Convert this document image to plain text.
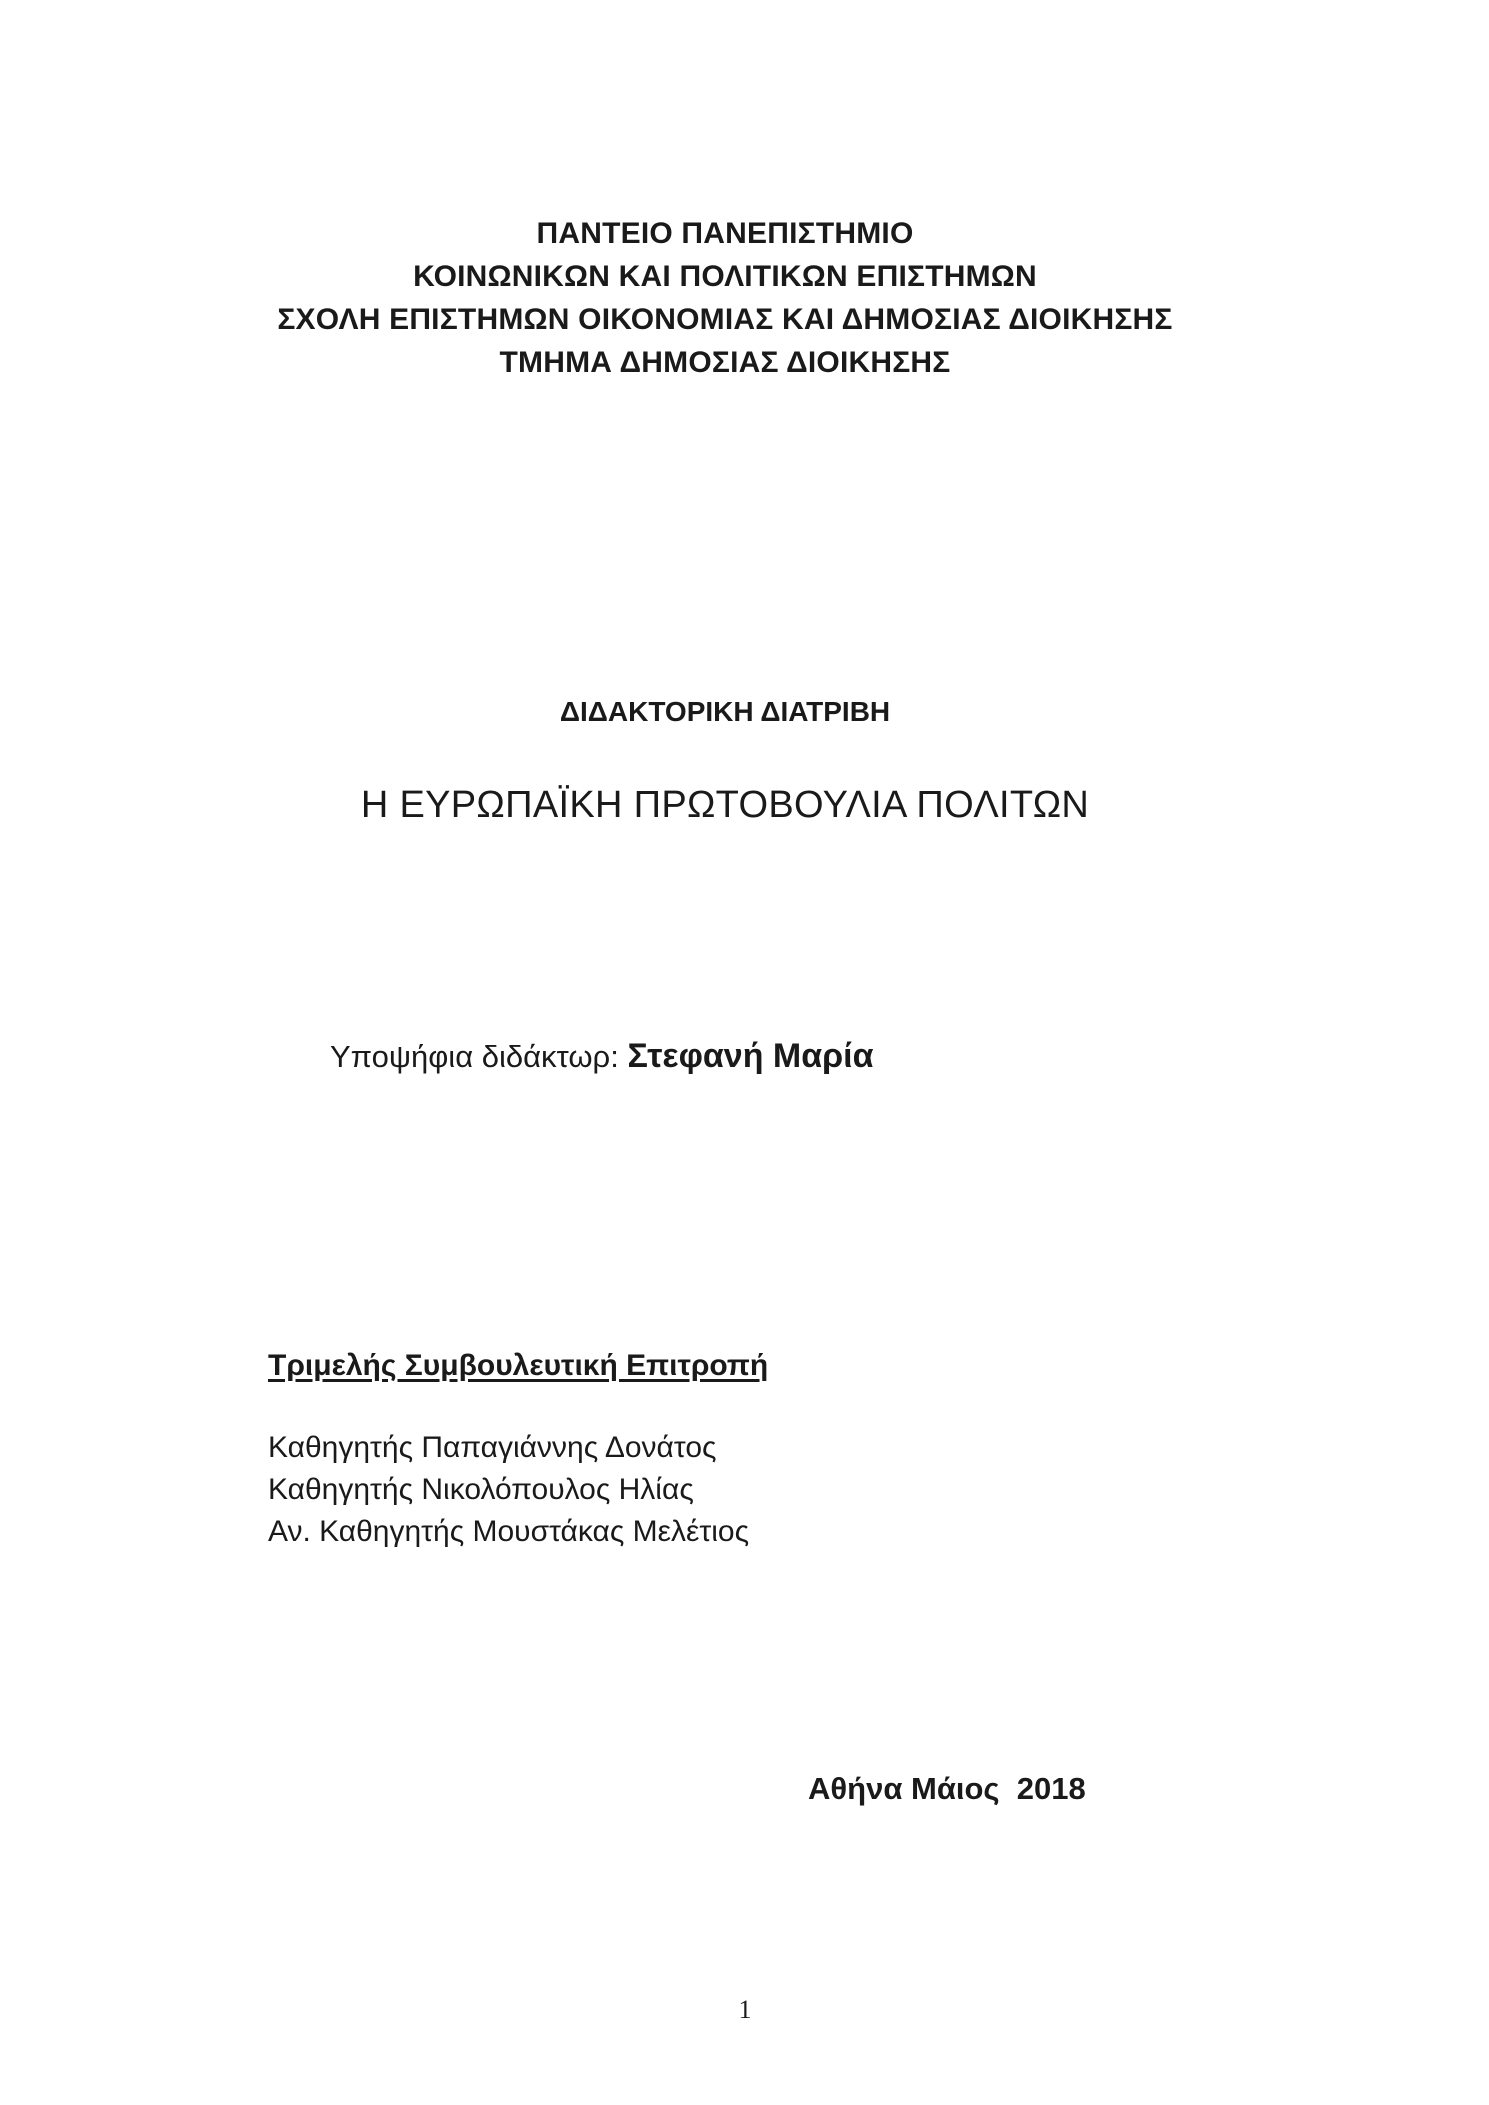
ΠΑΝΤΕΙΟ ΠΑΝΕΠΙΣΤΗΜΙΟ
ΚΟΙΝΩΝΙΚΩΝ ΚΑΙ ΠΟΛΙΤΙΚΩΝ ΕΠΙΣΤΗΜΩΝ
ΣΧΟΛΗ ΕΠΙΣΤΗΜΩΝ ΟΙΚΟΝΟΜΙΑΣ ΚΑΙ ΔΗΜΟΣΙΑΣ ΔΙΟΙΚΗΣΗΣ
ΤΜΗΜΑ ΔΗΜΟΣΙΑΣ ΔΙΟΙΚΗΣΗΣ
ΔΙΔΑΚΤΟΡΙΚΗ ΔΙΑΤΡΙΒΗ
Η ΕΥΡΩΠΑΪΚΗ ΠΡΩΤΟΒΟΥΛΙΑ ΠΟΛΙΤΩΝ
Υποψήφια διδάκτωρ: Στεφανή Μαρία
Τριμελής Συμβουλευτική Επιτροπή
Καθηγητής Παπαγιάννης Δονάτος
Καθηγητής Νικολόπουλος Ηλίας
Αν. Καθηγητής Μουστάκας Μελέτιος
Αθήνα Μάιος  2018
1
